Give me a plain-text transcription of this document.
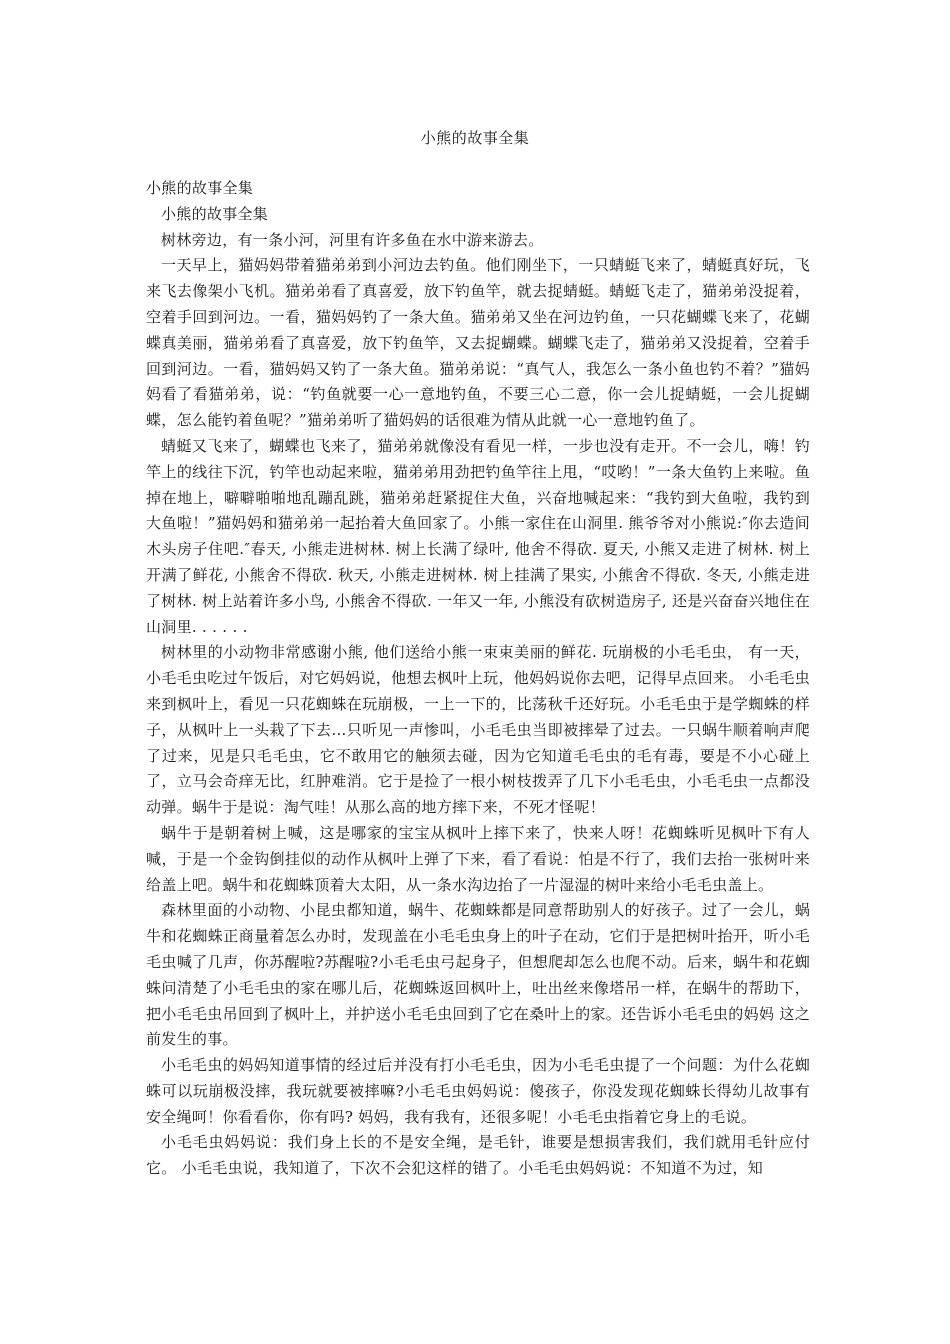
小熊的故事全集

小熊的故事全集

小熊的故事全集

树林旁边，有一条小河，河里有许多鱼在水中游来游去。

一天早上，猫妈妈带着猫弟弟到小河边去钓鱼。他们刚坐下，一只蜻蜓飞来了，蜻蜓真好玩，飞来飞去像架小飞机。猫弟弟看了真喜爱，放下钓鱼竿，就去捉蜻蜓。蜻蜓飞走了，猫弟弟没捉着，空着手回到河边。一看，猫妈妈钓了一条大鱼。猫弟弟又坐在河边钓鱼，一只花蝴蝶飞来了，花蝴蝶真美丽，猫弟弟看了真喜爱，放下钓鱼竿，又去捉蝴蝶。蝴蝶飞走了，猫弟弟又没捉着，空着手回到河边。一看，猫妈妈又钓了一条大鱼。猫弟弟说：“真气人，我怎么一条小鱼也钓不着？”猫妈妈看了看猫弟弟，说：“钓鱼就要一心一意地钓鱼，不要三心二意，你一会儿捉蜻蜓，一会儿捉蝴蝶，怎么能钓着鱼呢？”猫弟弟听了猫妈妈的话很难为情从此就一心一意地钓鱼了。

蜻蜓又飞来了，蝴蝶也飞来了，猫弟弟就像没有看见一样，一步也没有走开。不一会儿，嗨！钓竿上的线往下沉，钓竿也动起来啦，猫弟弟用劲把钓鱼竿往上甩，“哎哟！”一条大鱼钓上来啦。鱼掉在地上，噼噼啪啪地乱蹦乱跳，猫弟弟赶紧捉住大鱼，兴奋地喊起来：“我钓到大鱼啦，我钓到大鱼啦！”猫妈妈和猫弟弟一起抬着大鱼回家了。小熊一家住在山洞里. 熊爷爷对小熊说:″你去造间木头房子住吧.″春天, 小熊走进树林. 树上长满了绿叶, 他舍不得砍. 夏天, 小熊又走进了树林. 树上开满了鲜花, 小熊舍不得砍. 秋天, 小熊走进树林. 树上挂满了果实, 小熊舍不得砍. 冬天, 小熊走进了树林. 树上站着许多小鸟, 小熊舍不得砍. 一年又一年, 小熊没有砍树造房子, 还是兴奋奋兴地住在山洞里. . . . . .

树林里的小动物非常感谢小熊, 他们送给小熊一束束美丽的鲜花. 玩崩极的小毛毛虫， 有一天，小毛毛虫吃过午饭后，对它妈妈说，他想去枫叶上玩，他妈妈说你去吧，记得早点回来。 小毛毛虫来到枫叶上，看见一只花蜘蛛在玩崩极，一上一下的，比荡秋千还好玩。小毛毛虫于是学蜘蛛的样子，从枫叶上一头栽了下去…只听见一声惨叫，小毛毛虫当即被摔晕了过去。一只蜗牛顺着响声爬了过来，见是只毛毛虫，它不敢用它的触须去碰，因为它知道毛毛虫的毛有毒，要是不小心碰上了，立马会奇痒无比，红肿难消。它于是捡了一根小树枝拨弄了几下小毛毛虫，小毛毛虫一点都没动弹。蜗牛于是说：淘气哇！从那么高的地方摔下来，不死才怪呢！

蜗牛于是朝着树上喊，这是哪家的宝宝从枫叶上摔下来了，快来人呀！花蜘蛛听见枫叶下有人喊，于是一个金钩倒挂似的动作从枫叶上弹了下来，看了看说：怕是不行了，我们去抬一张树叶来给盖上吧。蜗牛和花蜘蛛顶着大太阳，从一条水沟边抬了一片湿湿的树叶来给小毛毛虫盖上。

森林里面的小动物、小昆虫都知道，蜗牛、花蜘蛛都是同意帮助别人的好孩子。过了一会儿，蜗牛和花蜘蛛正商量着怎么办时，发现盖在小毛毛虫身上的叶子在动，它们于是把树叶抬开，听小毛毛虫喊了几声，你苏醒啦?苏醒啦?小毛毛虫弓起身子，但想爬却怎么也爬不动。后来，蜗牛和花蜘蛛问清楚了小毛毛虫的家在哪儿后，花蜘蛛返回枫叶上，吐出丝来像塔吊一样，在蜗牛的帮助下，把小毛毛虫吊回到了枫叶上，并护送小毛毛虫回到了它在桑叶上的家。还告诉小毛毛虫的妈妈 这之前发生的事。

小毛毛虫的妈妈知道事情的经过后并没有打小毛毛虫，因为小毛毛虫提了一个问题：为什么花蜘蛛可以玩崩极没摔，我玩就要被摔嘛?小毛毛虫妈妈说：傻孩子，你没发现花蜘蛛长得幼儿故事有安全绳呵！你看看你，你有吗? 妈妈，我有我有，还很多呢！小毛毛虫指着它身上的毛说。

小毛毛虫妈妈说：我们身上长的不是安全绳，是毛针，谁要是想损害我们，我们就用毛针应付它。 小毛毛虫说，我知道了，下次不会犯这样的错了。小毛毛虫妈妈说：不知道不为过，知
